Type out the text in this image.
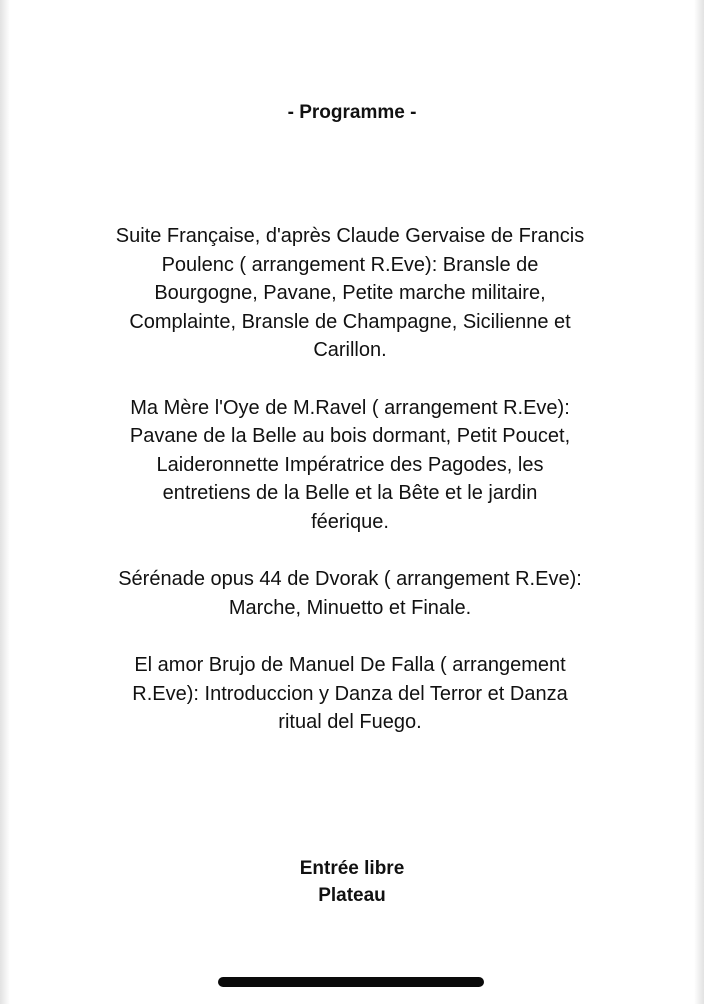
- Programme -

Suite Française, d'après Claude Gervaise de Francis
Poulenc ( arrangement R.Eve): Bransle de
Bourgogne, Pavane, Petite marche militaire,
Complainte, Bransle de Champagne, Sicilienne et
Carillon.

Ma Mère l'Oye de M.Ravel ( arrangement R.Eve):
Pavane de la Belle au bois dormant, Petit Poucet,
Laideronnette Impératrice des Pagodes, les
entretiens de la Belle et la Bête et le jardin
féerique.

Sérénade opus 44 de Dvorak ( arrangement R.Eve):
Marche, Minuetto et Finale.

El amor Brujo de Manuel De Falla ( arrangement
R.Eve): Introduccion y Danza del Terror et Danza
ritual del Fuego.

Entrée libre
Plateau
